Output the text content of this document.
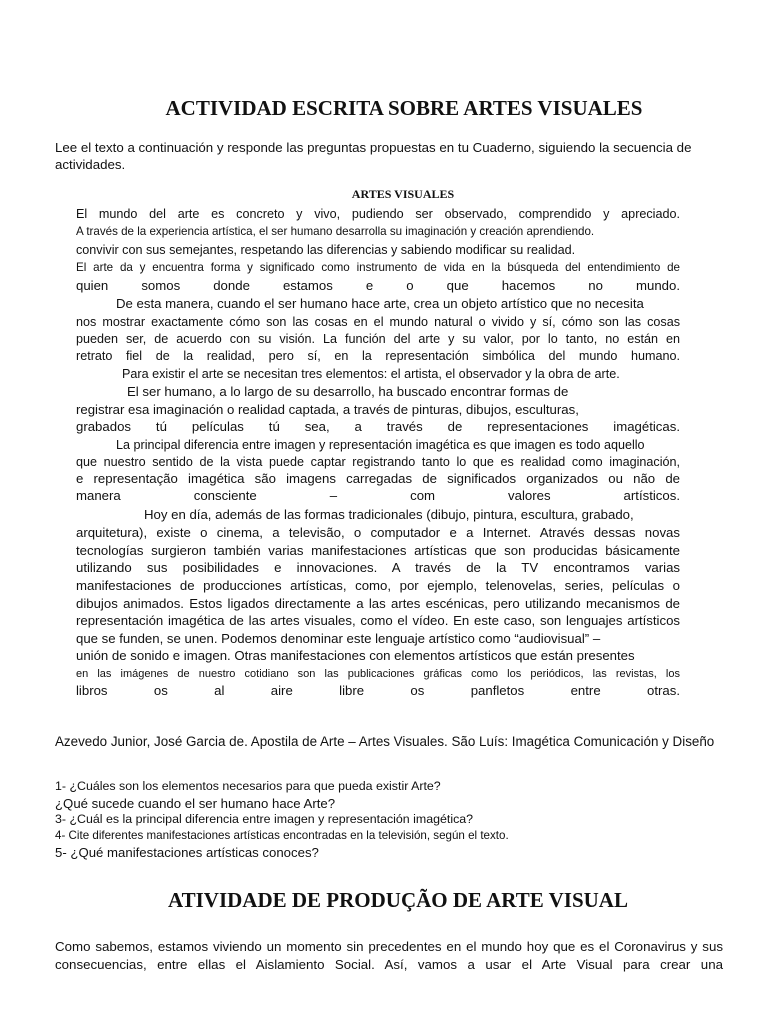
ACTIVIDAD ESCRITA SOBRE ARTES VISUALES

Lee el texto a continuación y responde las preguntas propuestas en tu Cuaderno, siguiendo la secuencia de actividades.

ARTES VISUALES
El mundo del arte es concreto y vivo, pudiendo ser observado, comprendido y apreciado.
A través de la experiencia artística, el ser humano desarrolla su imaginación y creación aprendiendo.
convivir con sus semejantes, respetando las diferencias y sabiendo modificar su realidad.
El arte da y encuentra forma y significado como instrumento de vida en la búsqueda del entendimiento de
quien somos donde estamos e o que hacemos no mundo.
De esta manera, cuando el ser humano hace arte, crea un objeto artístico que no necesita
nos mostrar exactamente cómo son las cosas en el mundo natural o vivido y sí, cómo son las cosas
pueden ser, de acuerdo con su visión. La función del arte y su valor, por lo tanto, no están en
retrato fiel de la realidad, pero sí, en la representación simbólica del mundo humano.
Para existir el arte se necesitan tres elementos: el artista, el observador y la obra de arte.
El ser humano, a lo largo de su desarrollo, ha buscado encontrar formas de
registrar esa imaginación o realidad captada, a través de pinturas, dibujos, esculturas,
grabados tú películas tú sea, a través de representaciones imagéticas.
La principal diferencia entre imagen y representación imagética es que imagen es todo aquello
que nuestro sentido de la vista puede captar registrando tanto lo que es realidad como imaginación,
e representação imagética são imagens carregadas de significados organizados ou não de
manera consciente – com valores artísticos.
Hoy en día, además de las formas tradicionales (dibujo, pintura, escultura, grabado,
arquitetura), existe o cinema, a televisão, o computador e a Internet. Através dessas novas
tecnologías surgieron también varias manifestaciones artísticas que son producidas básicamente
utilizando sus posibilidades e innovaciones. A través de la TV encontramos varias
manifestaciones de producciones artísticas, como, por ejemplo, telenovelas, series, películas o
dibujos animados. Estos ligados directamente a las artes escénicas, pero utilizando mecanismos de
representación imagética de las artes visuales, como el vídeo. En este caso, son lenguajes artísticos
que se funden, se unen. Podemos denominar este lenguaje artístico como “audiovisual” –
unión de sonido e imagen. Otras manifestaciones con elementos artísticos que están presentes
en las imágenes de nuestro cotidiano son las publicaciones gráficas como los periódicos, las revistas, los
libros os al aire libre os panfletos entre otras.

Azevedo Junior, José Garcia de. Apostila de Arte – Artes Visuales. São Luís: Imagética Comunicación y Diseño

1- ¿Cuáles son los elementos necesarios para que pueda existir Arte?
¿Qué sucede cuando el ser humano hace Arte?
3- ¿Cuál es la principal diferencia entre imagen y representación imagética?
4- Cite diferentes manifestaciones artísticas encontradas en la televisión, según el texto.
5- ¿Qué manifestaciones artísticas conoces?
ATIVIDADE DE PRODUÇÃO DE ARTE VISUAL
Como sabemos, estamos viviendo un momento sin precedentes en el mundo hoy que es el Coronavirus y sus
consecuencias, entre ellas el Aislamiento Social. Así, vamos a usar el Arte Visual para crear una
